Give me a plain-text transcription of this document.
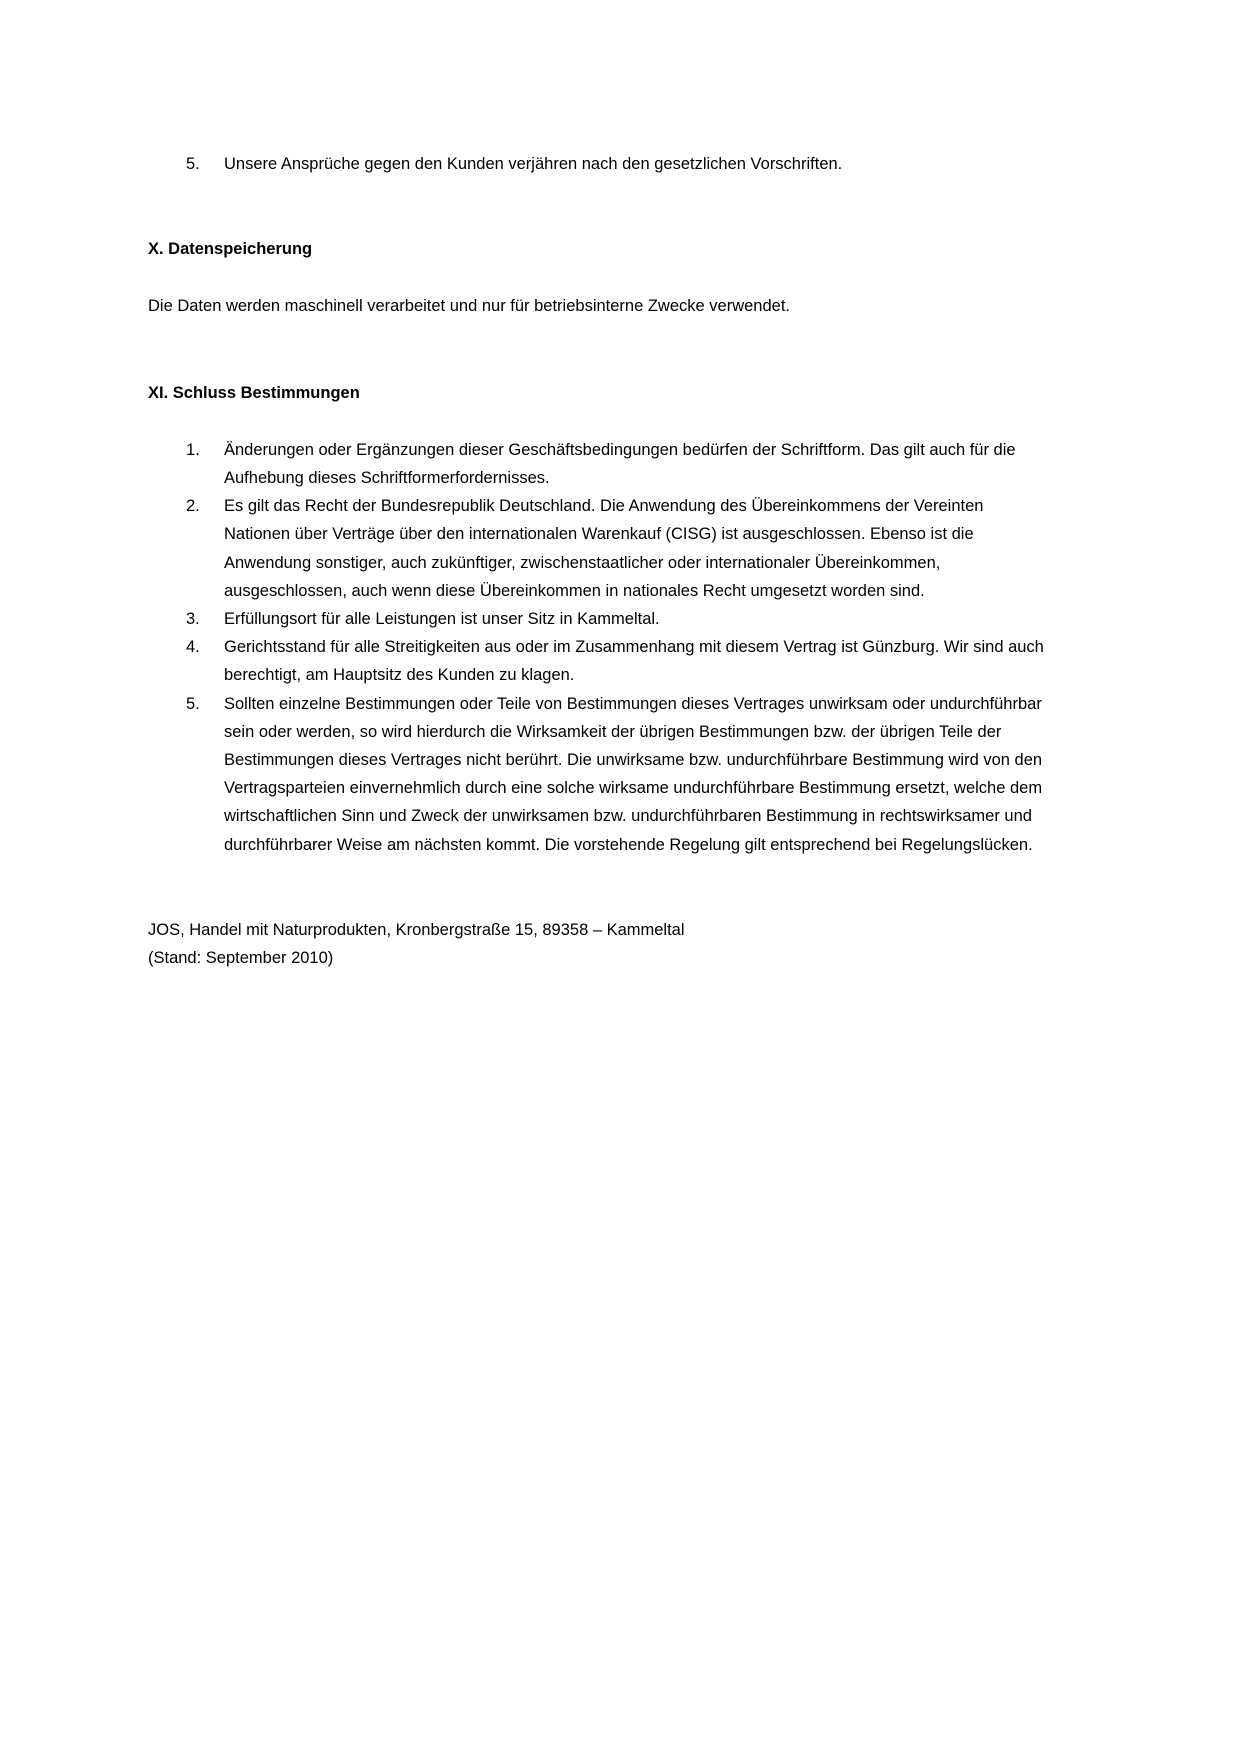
5. Unsere Ansprüche gegen den Kunden verjähren nach den gesetzlichen Vorschriften.
X. Datenspeicherung
Die Daten werden maschinell verarbeitet und nur für betriebsinterne Zwecke verwendet.
XI. Schluss Bestimmungen
1. Änderungen oder Ergänzungen dieser Geschäftsbedingungen bedürfen der Schriftform. Das gilt auch für die Aufhebung dieses Schriftformerfordernisses.
2. Es gilt das Recht der Bundesrepublik Deutschland. Die Anwendung des Übereinkommens der Vereinten Nationen über Verträge über den internationalen Warenkauf (CISG) ist ausgeschlossen. Ebenso ist die Anwendung sonstiger, auch zukünftiger, zwischenstaatlicher oder internationaler Übereinkommen, ausgeschlossen, auch wenn diese Übereinkommen in nationales Recht umgesetzt worden sind.
3. Erfüllungsort für alle Leistungen ist unser Sitz in Kammeltal.
4. Gerichtsstand für alle Streitigkeiten aus oder im Zusammenhang mit diesem Vertrag ist Günzburg. Wir sind auch berechtigt, am Hauptsitz des Kunden zu klagen.
5. Sollten einzelne Bestimmungen oder Teile von Bestimmungen dieses Vertrages unwirksam oder undurchführbar sein oder werden, so wird hierdurch die Wirksamkeit der übrigen Bestimmungen bzw. der übrigen Teile der Bestimmungen dieses Vertrages nicht berührt. Die unwirksame bzw. undurchführbare Bestimmung wird von den Vertragsparteien einvernehmlich durch eine solche wirksame undurchführbare Bestimmung ersetzt, welche dem wirtschaftlichen Sinn und Zweck der unwirksamen bzw. undurchführbaren Bestimmung in rechtswirksamer und durchführbarer Weise am nächsten kommt. Die vorstehende Regelung gilt entsprechend bei Regelungslücken.
JOS, Handel mit Naturprodukten, Kronbergstraße 15, 89358 – Kammeltal
(Stand: September 2010)
